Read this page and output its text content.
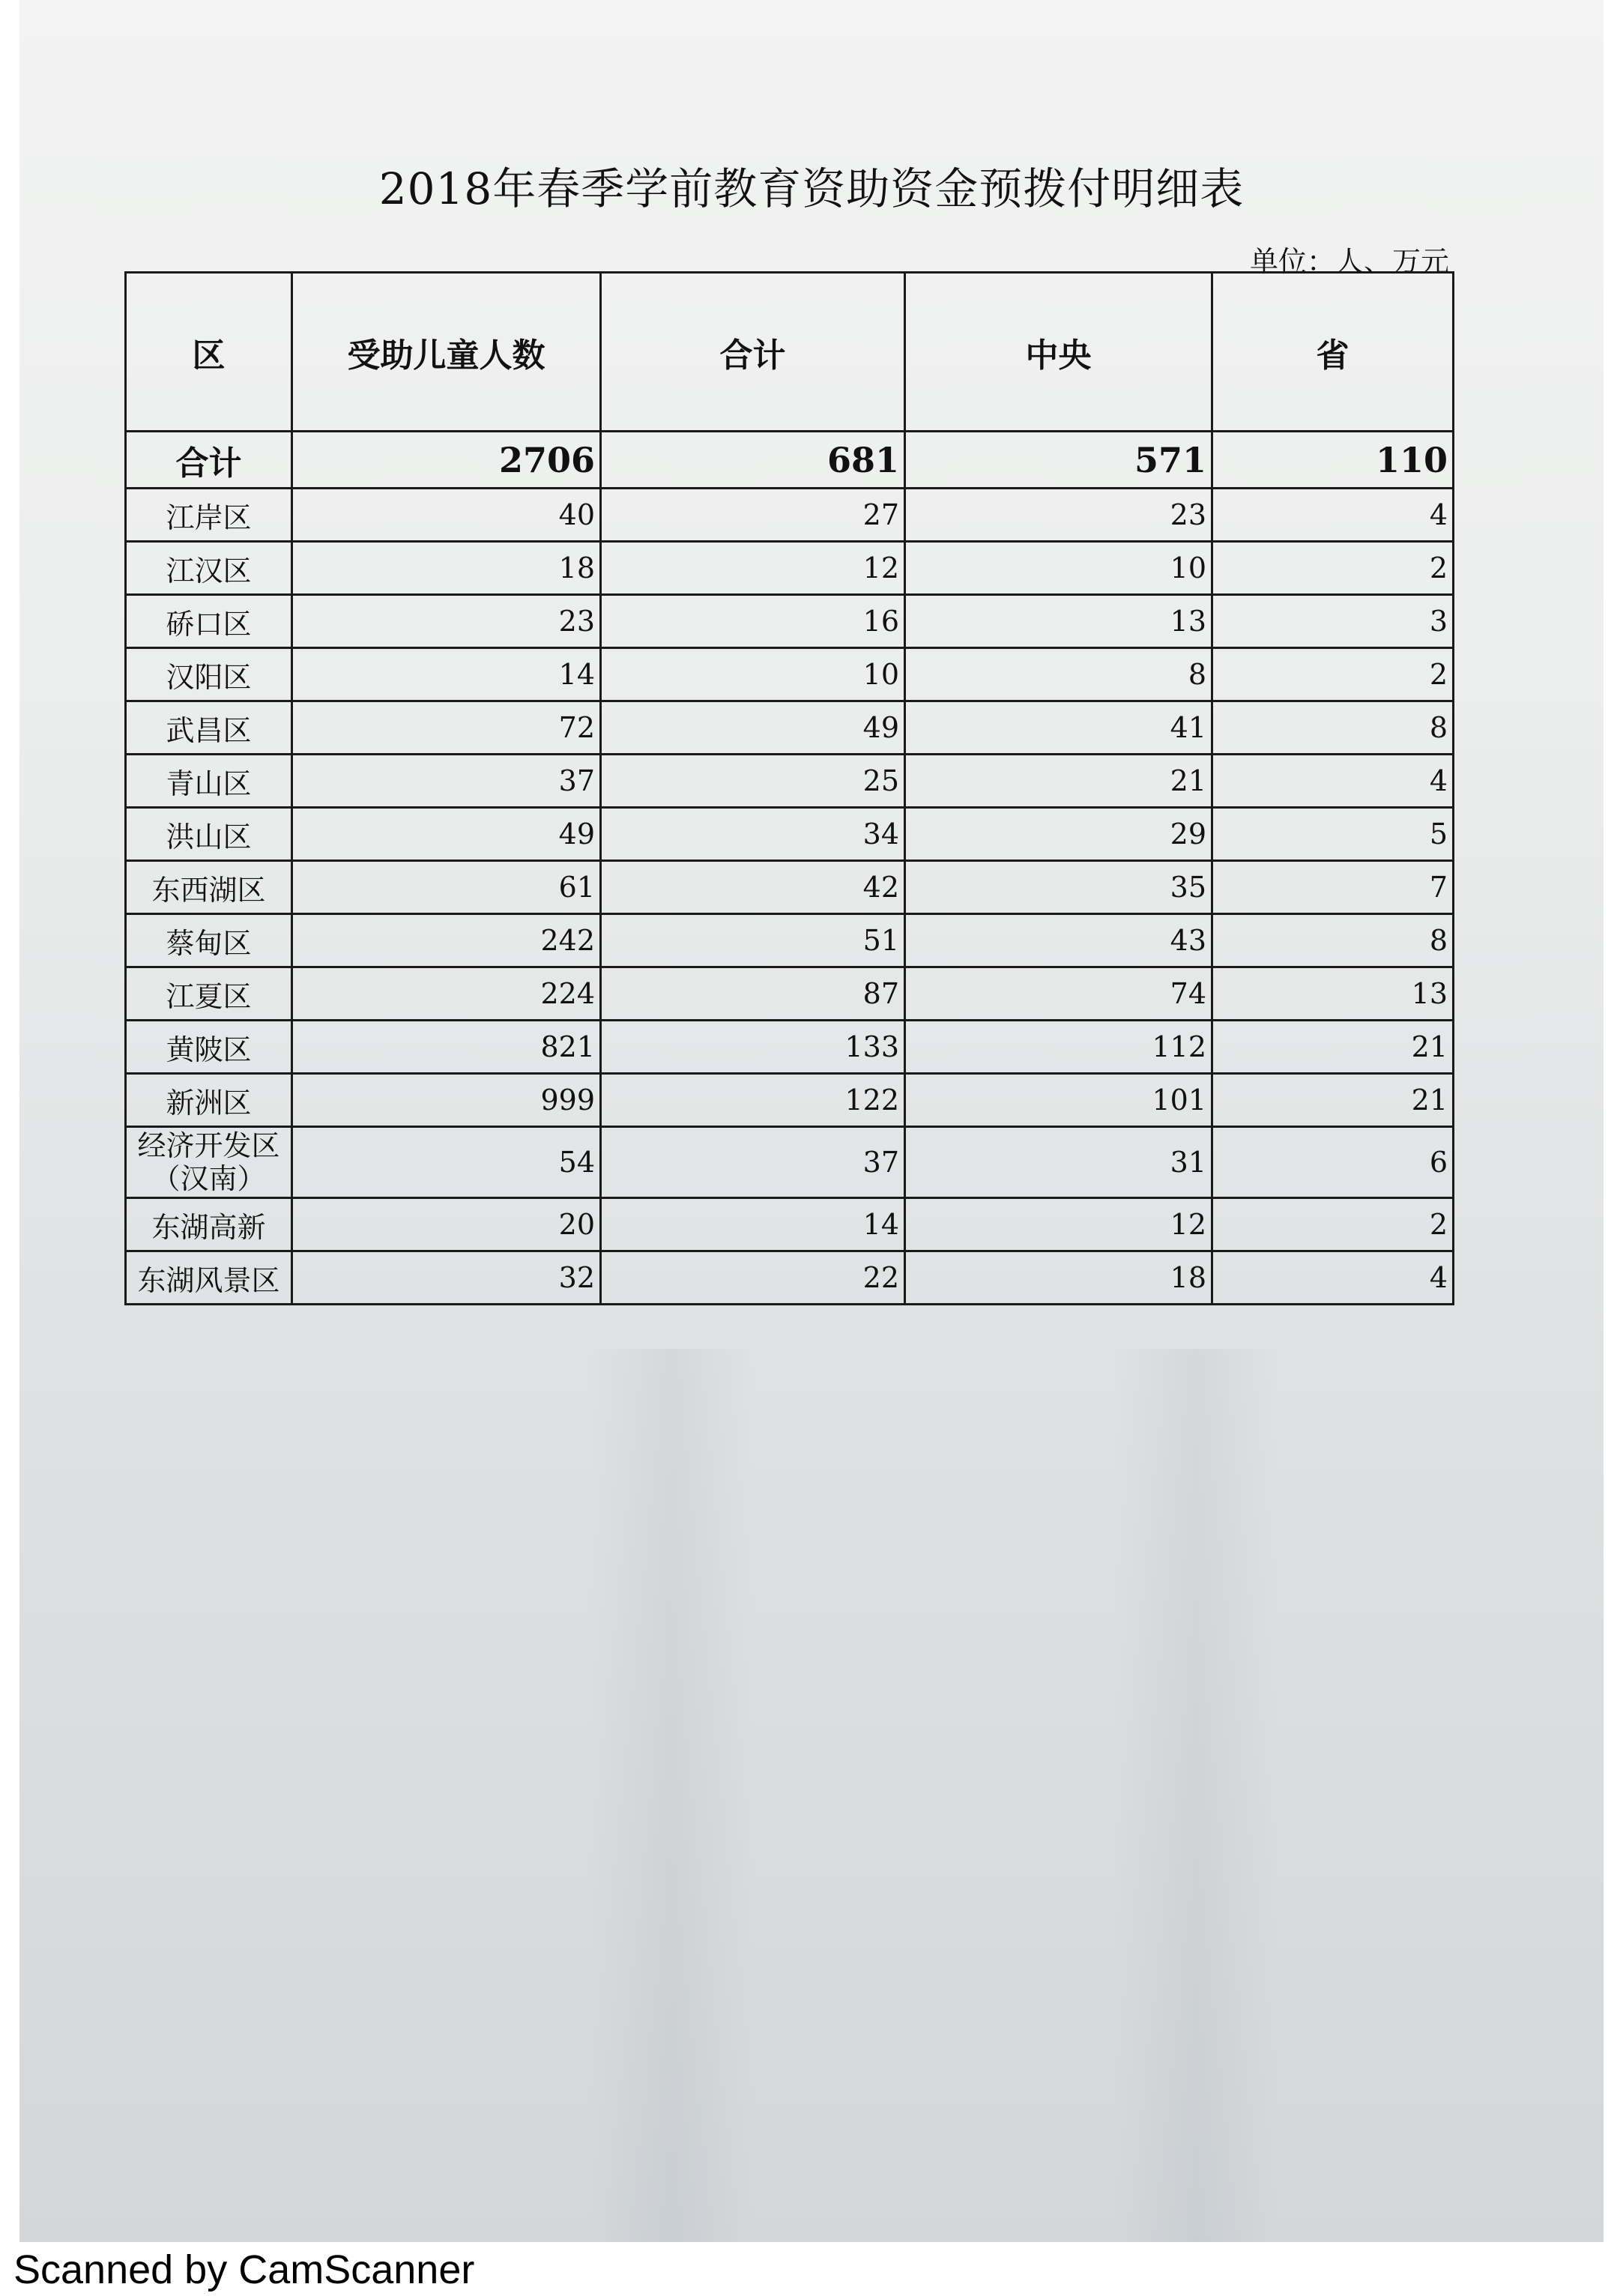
2018年春季学前教育资助资金预拨付明细表
单位：人、万元
区	受助儿童人数	合计	中央	省
合计	2706	681	571	110

江岸区	40	27	23	4

江汉区	18	12	10	2

硚口区	23	16	13	3

汉阳区	14	10	8	2

武昌区	72	49	41	8

青山区	37	25	21	4

洪山区	49	34	29	5

东西湖区	61	42	35	7

蔡甸区	242	51	43	8

江夏区	224	87	74	13

黄陂区	821	133	112	21

新洲区	999	122	101	21

经济开发区
（汉南）	54	37	31	6

东湖高新	20	14	12	2

东湖风景区	32	22	18	4
Scanned by CamScanner
